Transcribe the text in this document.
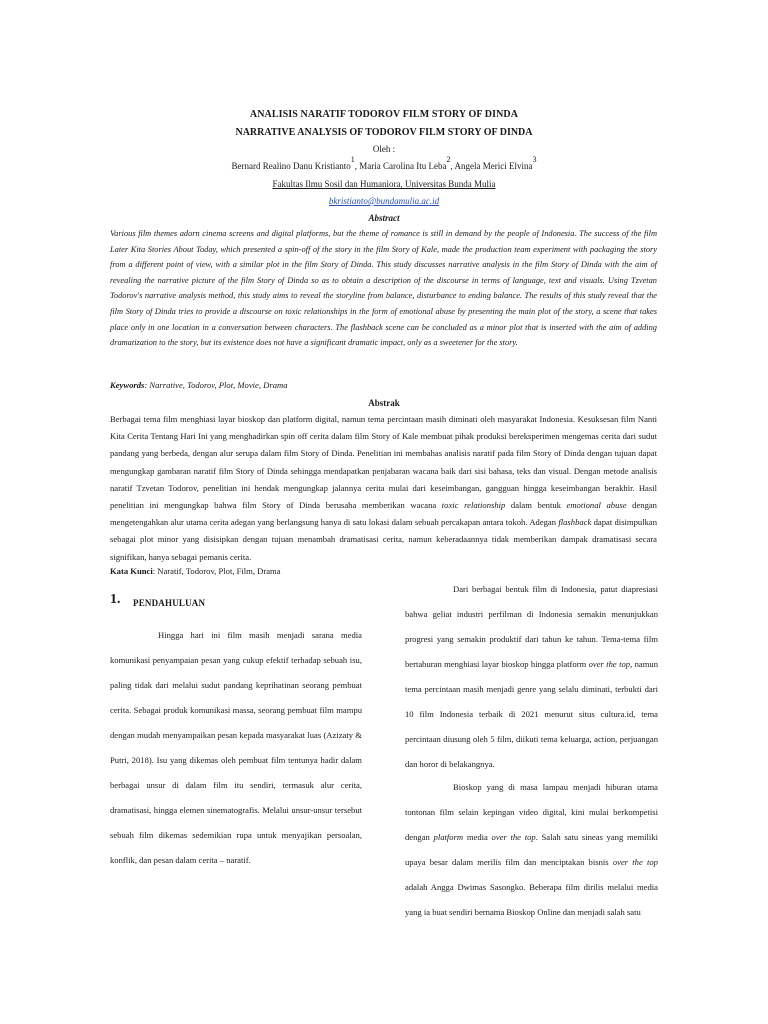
ANALISIS NARATIF TODOROV FILM STORY OF DINDA
NARRATIVE ANALYSIS OF TODOROV FILM STORY OF DINDA
Oleh :
Bernard Realino Danu Kristianto$^1$, Maria Carolina Itu Leba$^2$, Angela Merici Elvina$^3$
Fakultas Ilmu Sosil dan Humaniora, Universitas Bunda Mulia
bkristianto@bundamulia.ac.id
Abstract
Various film themes adorn cinema screens and digital platforms, but the theme of romance is still in demand by the people of Indonesia. The success of the film Later Kita Stories About Today, which presented a spin-off of the story in the film Story of Kale, made the production team experiment with packaging the story from a different point of view, with a similar plot in the film Story of Dinda. This study discusses narrative analysis in the film Story of Dinda with the aim of revealing the narrative picture of the film Story of Dinda so as to obtain a description of the discourse in terms of language, text and visuals. Using Tzvetan Todorov's narrative analysis method, this study aims to reveal the storyline from balance, disturbance to ending balance. The results of this study reveal that the film Story of Dinda tries to provide a discourse on toxic relationships in the form of emotional abuse by presenting the main plot of the story, a scene that takes place only in one location in a conversation between characters. The flashback scene can be concluded as a minor plot that is inserted with the aim of adding dramatization to the story, but its existence does not have a significant dramatic impact, only as a sweetener for the story.
Keywords: Narrative, Todorov, Plot, Movie, Drama
Abstrak
Berbagai tema film menghiasi layar bioskop dan platform digital, namun tema percintaan masih diminati oleh masyarakat Indonesia. Kesuksesan film Nanti Kita Cerita Tentang Hari Ini yang menghadirkan spin off cerita dalam film Story of Kale membuat pihak produksi bereksperimen mengemas cerita dari sudut pandang yang berbeda, dengan alur serupa dalam film Story of Dinda. Penelitian ini membahas analisis naratif pada film Story of Dinda dengan tujuan dapat mengungkap gambaran naratif film Story of Dinda sehingga mendapatkan penjabaran wacana baik dari sisi bahasa, teks dan visual. Dengan metode analisis naratif Tzvetan Todorov, penelitian ini hendak mengungkap jalannya cerita mulai dari keseimbangan, gangguan hingga keseimbangan berakhir. Hasil penelitian ini mengungkap bahwa film Story of Dinda berusaha memberikan wacana toxic relationship dalam bentuk emotional abuse dengan mengetengahkan alur utama cerita adegan yang berlangsung hanya di satu lokasi dalam sebuah percakapan antara tokoh. Adegan flashback dapat disimpulkan sebagai plot minor yang disisipkan dengan tujuan menambah dramatisasi cerita, namun keberadaannya tidak memberikan dampak dramatisasi secara signifikan, hanya sebagai pemanis cerita.
Kata Kunci: Naratif, Todorov, Plot, Film, Drama
1. PENDAHULUAN
Hingga hari ini film masih menjadi sarana media komunikasi penyampaian pesan yang cukup efektif terhadap sebuah isu, paling tidak dari melalui sudut pandang keprihatinan seorang pembuat cerita. Sebagai produk komunikasi massa, seorang pembuat film mampu dengan mudah menyampaikan pesan kepada masyarakat luas (Azizaty & Putri, 2018). Isu yang dikemas oleh pembuat film tentunya hadir dalam berbagai unsur di dalam film itu sendiri, termasuk alur cerita, dramatisasi, hingga elemen sinematografis. Melalui unsur-unsur tersebut sebuah film dikemas sedemikian rupa untuk menyajikan persoalan, konflik, dan pesan dalam cerita – naratif.
Dari berbagai bentuk film di Indonesia, patut diapresiasi bahwa geliat industri perfilman di Indonesia semakin menunjukkan progresi yang semakin produktif dari tahun ke tahun. Tema-tema film bertaburan menghiasi layar bioskop hingga platform over the top, namun tema percintaan masih menjadi genre yang selalu diminati, terbukti dari 10 film Indonesia terbaik di 2021 menurut situs cultura.id, tema percintaan diusung oleh 5 film, diikuti tema keluarga, action, perjuangan dan horor di belakangnya.
Bioskop yang di masa lampau menjadi hiburan utama tontonan film selain kepingan video digital, kini mulai berkompetisi dengan platform media over the top. Salah satu sineas yang memiliki upaya besar dalam merilis film dan menciptakan bisnis over the top adalah Angga Dwimas Sasongko. Beberapa film dirilis melalui media yang ia buat sendiri bernama Bioskop Online dan menjadi salah satu
